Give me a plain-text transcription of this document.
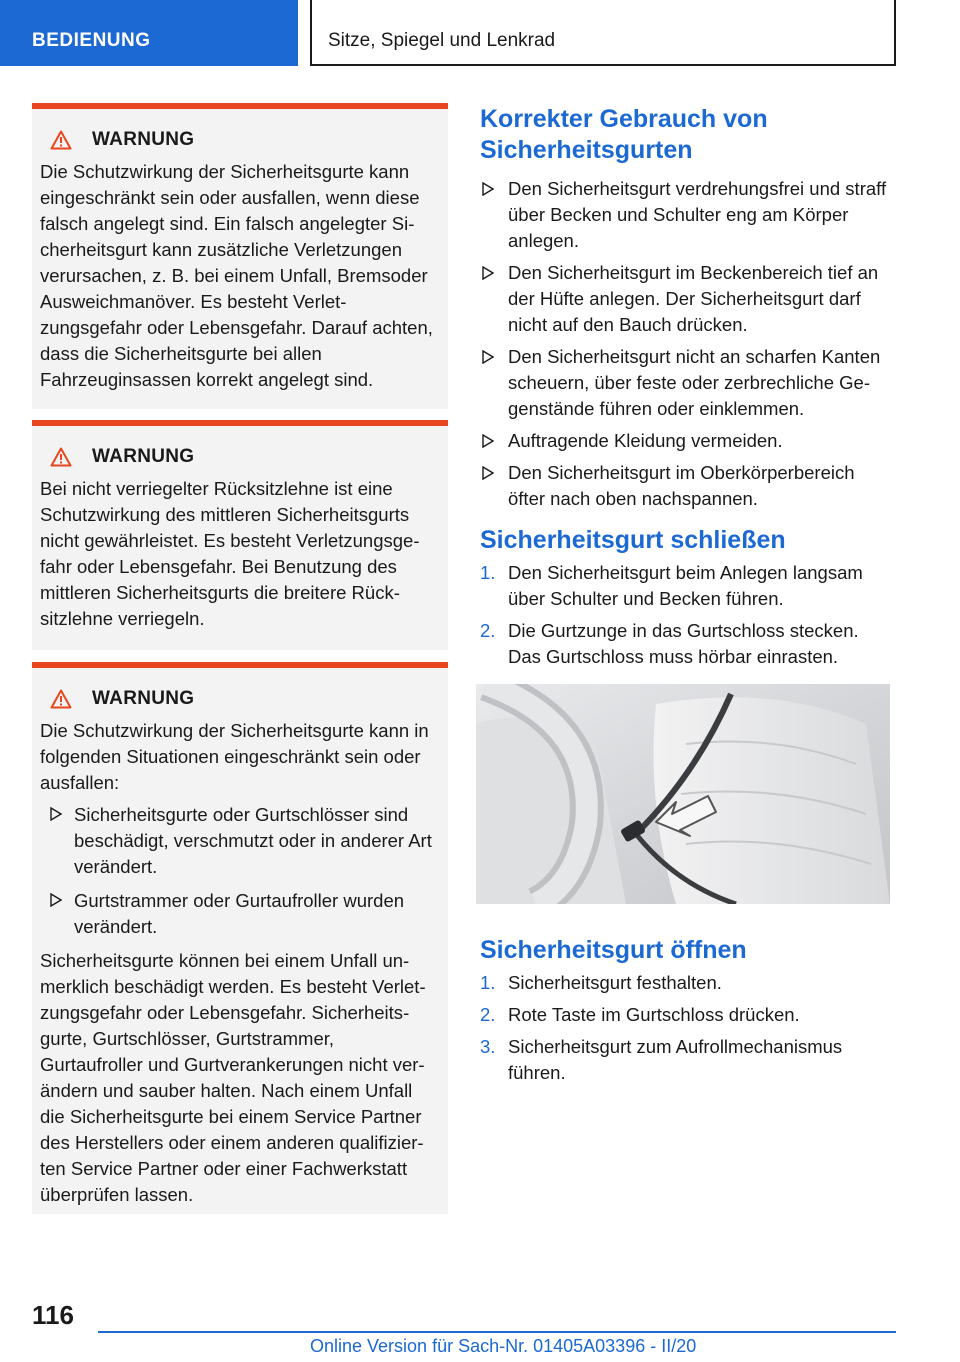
BEDIENUNG	Sitze, Spiegel und Lenkrad
WARNUNG

Die Schutzwirkung der Sicherheitsgurte kann eingeschränkt sein oder ausfallen, wenn diese falsch angelegt sind. Ein falsch angelegter Sicherheitsgurt kann zusätzliche Verletzungen verursachen, z. B. bei einem Unfall, Bremsoder Ausweichmanöver. Es besteht Verletzungsgefahr oder Lebensgefahr. Darauf achten, dass die Sicherheitsgurte bei allen Fahrzeuginsassen korrekt angelegt sind.

WARNUNG

Bei nicht verriegelter Rücksitzlehne ist eine Schutzwirkung des mittleren Sicherheitsgurts nicht gewährleistet. Es besteht Verletzungsgefahr oder Lebensgefahr. Bei Benutzung des mittleren Sicherheitsgurts die breitere Rücksitzlehne verriegeln.

WARNUNG

Die Schutzwirkung der Sicherheitsgurte kann in folgenden Situationen eingeschränkt sein oder ausfallen:

Sicherheitsgurte oder Gurtschlösser sind beschädigt, verschmutzt oder in anderer Art verändert.
Gurtstrammer oder Gurtaufroller wurden verändert.

Sicherheitsgurte können bei einem Unfall unmerklich beschädigt werden. Es besteht Verletzungsgefahr oder Lebensgefahr. Sicherheitsgurte, Gurtschlösser, Gurtstrammer, Gurtaufroller und Gurtverankerungen nicht verändern und sauber halten. Nach einem Unfall die Sicherheitsgurte bei einem Service Partner des Herstellers oder einem anderen qualifizierten Service Partner oder einer Fachwerkstatt überprüfen lassen.

Korrekter Gebrauch von Sicherheitsgurten
Den Sicherheitsgurt verdrehungsfrei und straff über Becken und Schulter eng am Körper anlegen.
Den Sicherheitsgurt im Beckenbereich tief an der Hüfte anlegen. Der Sicherheitsgurt darf nicht auf den Bauch drücken.
Den Sicherheitsgurt nicht an scharfen Kanten scheuern, über feste oder zerbrechliche Gegenstände führen oder einklemmen.
Auftragende Kleidung vermeiden.
Den Sicherheitsgurt im Oberkörperbereich öfter nach oben nachspannen.
Sicherheitsgurt schließen
1. Den Sicherheitsgurt beim Anlegen langsam über Schulter und Becken führen.
2. Die Gurtzunge in das Gurtschloss stecken. Das Gurtschloss muss hörbar einrasten.
Sicherheitsgurt öffnen
1. Sicherheitsgurt festhalten.
2. Rote Taste im Gurtschloss drücken.
3. Sicherheitsgurt zum Aufrollmechanismus führen.
116
Online Version für Sach-Nr. 01405A03396 - II/20
